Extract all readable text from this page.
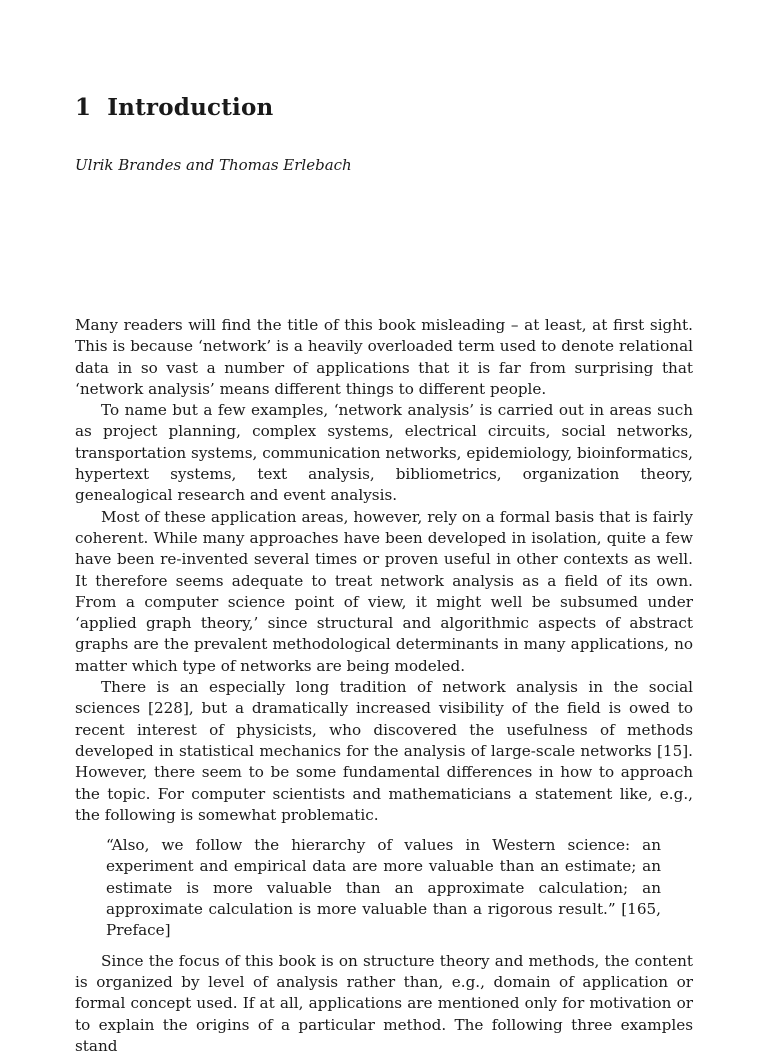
1 Introduction

Ulrik Brandes and Thomas Erlebach

Many readers will find the title of this book misleading – at least, at first sight. This is because ‘network’ is a heavily overloaded term used to denote relational data in so vast a number of applications that it is far from surprising that ‘network analysis’ means different things to different people.

To name but a few examples, ‘network analysis’ is carried out in areas such as project planning, complex systems, electrical circuits, social networks, transportation systems, communication networks, epidemiology, bioinformatics, hypertext systems, text analysis, bibliometrics, organization theory, genealogical research and event analysis.

Most of these application areas, however, rely on a formal basis that is fairly coherent. While many approaches have been developed in isolation, quite a few have been re-invented several times or proven useful in other contexts as well. It therefore seems adequate to treat network analysis as a field of its own. From a computer science point of view, it might well be subsumed under ‘applied graph theory,’ since structural and algorithmic aspects of abstract graphs are the prevalent methodological determinants in many applications, no matter which type of networks are being modeled.

There is an especially long tradition of network analysis in the social sciences [228], but a dramatically increased visibility of the field is owed to recent interest of physicists, who discovered the usefulness of methods developed in statistical mechanics for the analysis of large-scale networks [15]. However, there seem to be some fundamental differences in how to approach the topic. For computer scientists and mathematicians a statement like, e.g., the following is somewhat problematic.

“Also, we follow the hierarchy of values in Western science: an experiment and empirical data are more valuable than an estimate; an estimate is more valuable than an approximate calculation; an approximate calculation is more valuable than a rigorous result.” [165, Preface]

Since the focus of this book is on structure theory and methods, the content is organized by level of analysis rather than, e.g., domain of application or formal concept used. If at all, applications are mentioned only for motivation or to explain the origins of a particular method. The following three examples stand
